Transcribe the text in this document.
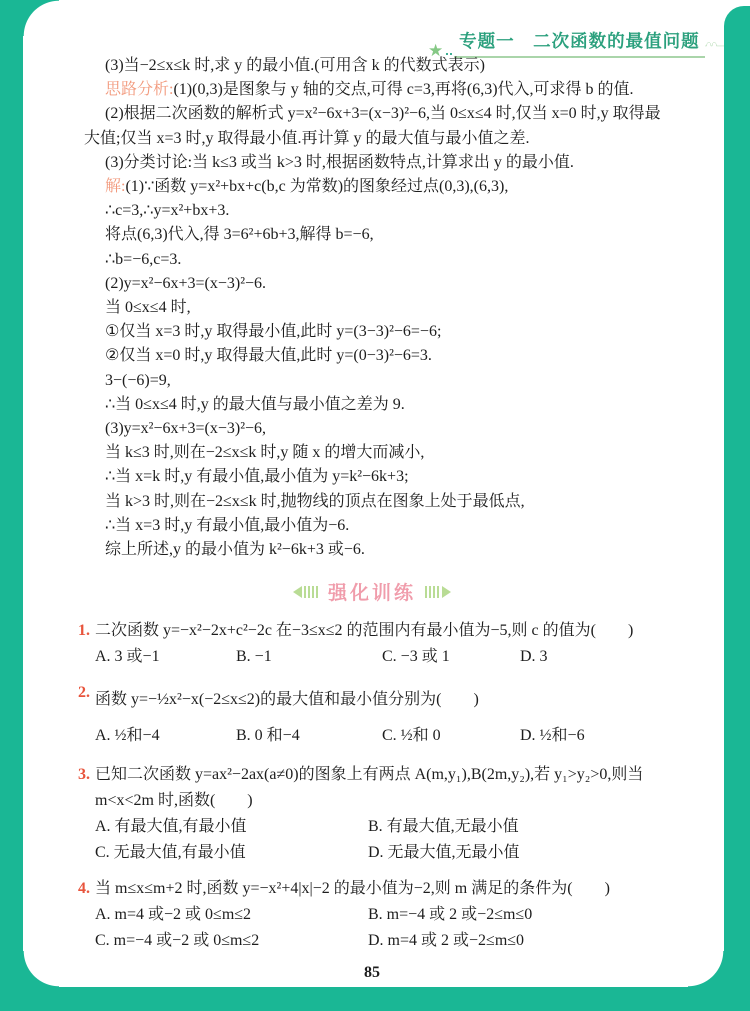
★ 专题一　二次函数的最值问题

(3)当−2≤x≤k 时,求 y 的最小值.(可用含 k 的代数式表示)

思路分析:(1)(0,3)是图象与 y 轴的交点,可得 c=3,再将(6,3)代入,可求得 b 的值.

(2)根据二次函数的解析式 y=x²−6x+3=(x−3)²−6,当 0≤x≤4 时,仅当 x=0 时,y 取得最大值;仅当 x=3 时,y 取得最小值.再计算 y 的最大值与最小值之差.

(3)分类讨论:当 k≤3 或当 k>3 时,根据函数特点,计算求出 y 的最小值.

解:(1)∵函数 y=x²+bx+c(b,c 为常数)的图象经过点(0,3),(6,3),

∴c=3,∴y=x²+bx+3.

将点(6,3)代入,得 3=6²+6b+3,解得 b=−6,

∴b=−6,c=3.

(2)y=x²−6x+3=(x−3)²−6.

当 0≤x≤4 时,

①仅当 x=3 时,y 取得最小值,此时 y=(3−3)²−6=−6;

②仅当 x=0 时,y 取得最大值,此时 y=(0−3)²−6=3.

3−(−6)=9,

∴当 0≤x≤4 时,y 的最大值与最小值之差为 9.

(3)y=x²−6x+3=(x−3)²−6,

当 k≤3 时,则在−2≤x≤k 时,y 随 x 的增大而减小,

∴当 x=k 时,y 有最小值,最小值为 y=k²−6k+3;

当 k>3 时,则在−2≤x≤k 时,抛物线的顶点在图象上处于最低点,

∴当 x=3 时,y 有最小值,最小值为−6.

综上所述,y 的最小值为 k²−6k+3 或−6.

强化训练
1. 二次函数 y=−x²−2x+c²−2c 在−3≤x≤2 的范围内有最小值为−5,则 c 的值为(　　)
A. 3 或−1	B. −1	C. −3 或 1	D. 3
2. 函数 y=−½x²−x(−2≤x≤2)的最大值和最小值分别为(　　)
A. ½和−4	B. 0 和−4	C. ½和 0	D. ½和−6
3. 已知二次函数 y=ax²−2ax(a≠0)的图象上有两点 A(m,y₁),B(2m,y₂),若 y₁>y₂>0,则当 m<x<2m 时,函数(　　)
A. 有最大值,有最小值	B. 有最大值,无最小值
C. 无最大值,有最小值	D. 无最大值,无最小值
4. 当 m≤x≤m+2 时,函数 y=−x²+4|x|−2 的最小值为−2,则 m 满足的条件为(　　)
A. m=4 或−2 或 0≤m≤2	B. m=−4 或 2 或−2≤m≤0
C. m=−4 或−2 或 0≤m≤2	D. m=4 或 2 或−2≤m≤0
85
